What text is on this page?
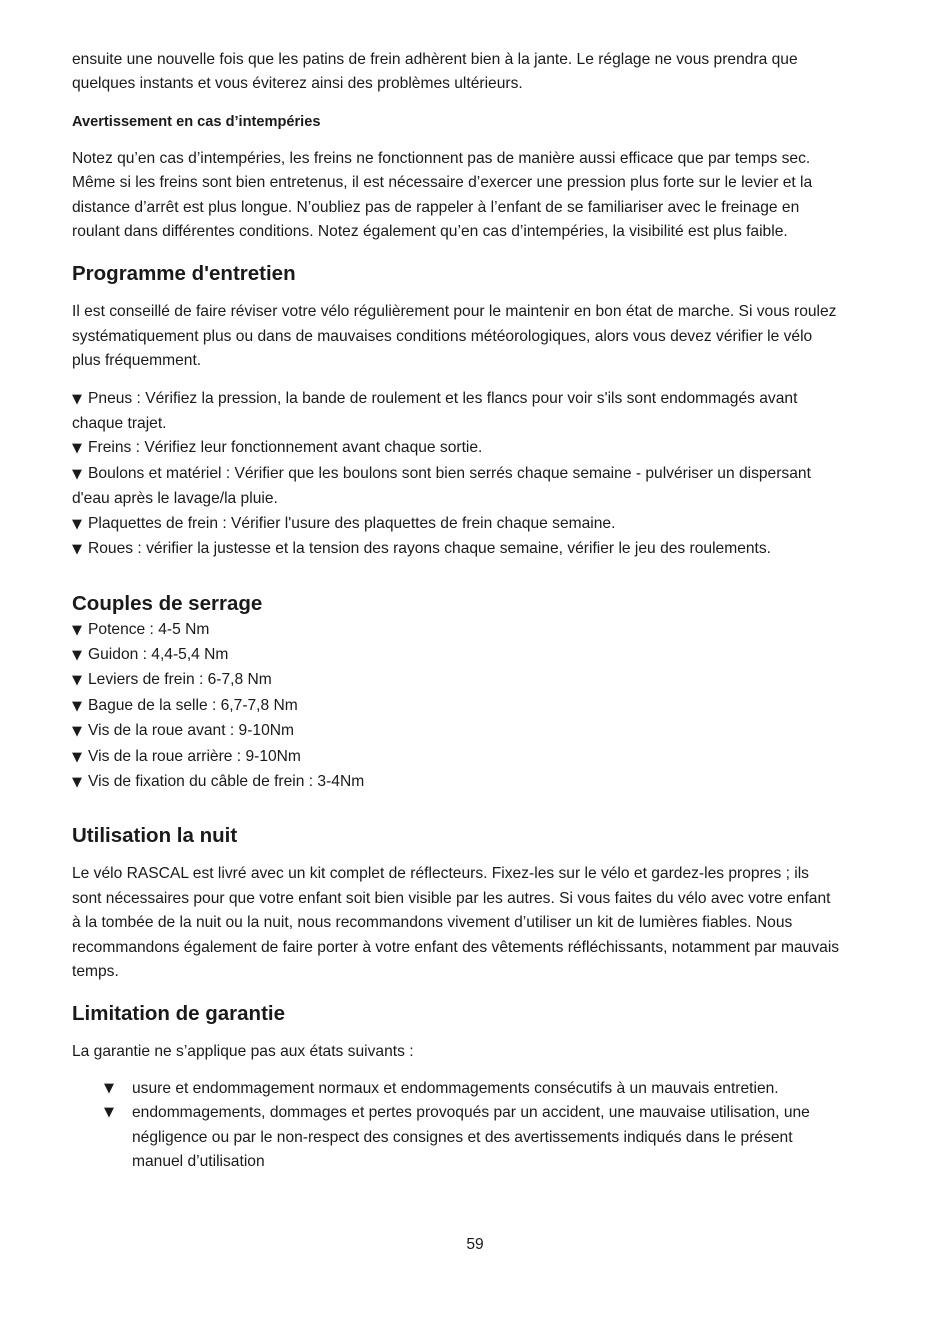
ensuite une nouvelle fois que les patins de frein adhèrent bien à la jante. Le réglage ne vous prendra que quelques instants et vous éviterez ainsi des problèmes ultérieurs.

Avertissement en cas d’intempéries

Notez qu’en cas d’intempéries, les freins ne fonctionnent pas de manière aussi efficace que par temps sec. Même si les freins sont bien entretenus, il est nécessaire d’exercer une pression plus forte sur le levier et la distance d’arrêt est plus longue. N’oubliez pas de rappeler à l’enfant de se familiariser avec le freinage en roulant dans différentes conditions. Notez également qu’en cas d’intempéries, la visibilité est plus faible.

Programme d'entretien

Il est conseillé de faire réviser votre vélo régulièrement pour le maintenir en bon état de marche. Si vous roulez systématiquement plus ou dans de mauvaises conditions météorologiques, alors vous devez vérifier le vélo plus fréquemment.

▼ Pneus : Vérifiez la pression, la bande de roulement et les flancs pour voir s'ils sont endommagés avant chaque trajet.
▼ Freins : Vérifiez leur fonctionnement avant chaque sortie.
▼ Boulons et matériel : Vérifier que les boulons sont bien serrés chaque semaine - pulvériser un dispersant d'eau après le lavage/la pluie.
▼ Plaquettes de frein : Vérifier l'usure des plaquettes de frein chaque semaine.
▼ Roues : vérifier la justesse et la tension des rayons chaque semaine, vérifier le jeu des roulements.
Couples de serrage
▼ Potence : 4-5 Nm
▼ Guidon : 4,4-5,4 Nm
▼ Leviers de frein : 6-7,8 Nm
▼ Bague de la selle : 6,7-7,8 Nm
▼ Vis de la roue avant : 9-10Nm
▼ Vis de la roue arrière : 9-10Nm
▼ Vis de fixation du câble de frein : 3-4Nm
Utilisation la nuit

Le vélo RASCAL est livré avec un kit complet de réflecteurs. Fixez-les sur le vélo et gardez-les propres ; ils sont nécessaires pour que votre enfant soit bien visible par les autres. Si vous faites du vélo avec votre enfant à la tombée de la nuit ou la nuit, nous recommandons vivement d’utiliser un kit de lumières fiables. Nous recommandons également de faire porter à votre enfant des vêtements réfléchissants, notamment par mauvais temps.

Limitation de garantie

La garantie ne s’applique pas aux états suivants :

▼ usure et endommagement normaux et endommagements consécutifs à un mauvais entretien.
▼ endommagements, dommages et pertes provoqués par un accident, une mauvaise utilisation, une négligence ou par le non-respect des consignes et des avertissements indiqués dans le présent manuel d’utilisation
59
